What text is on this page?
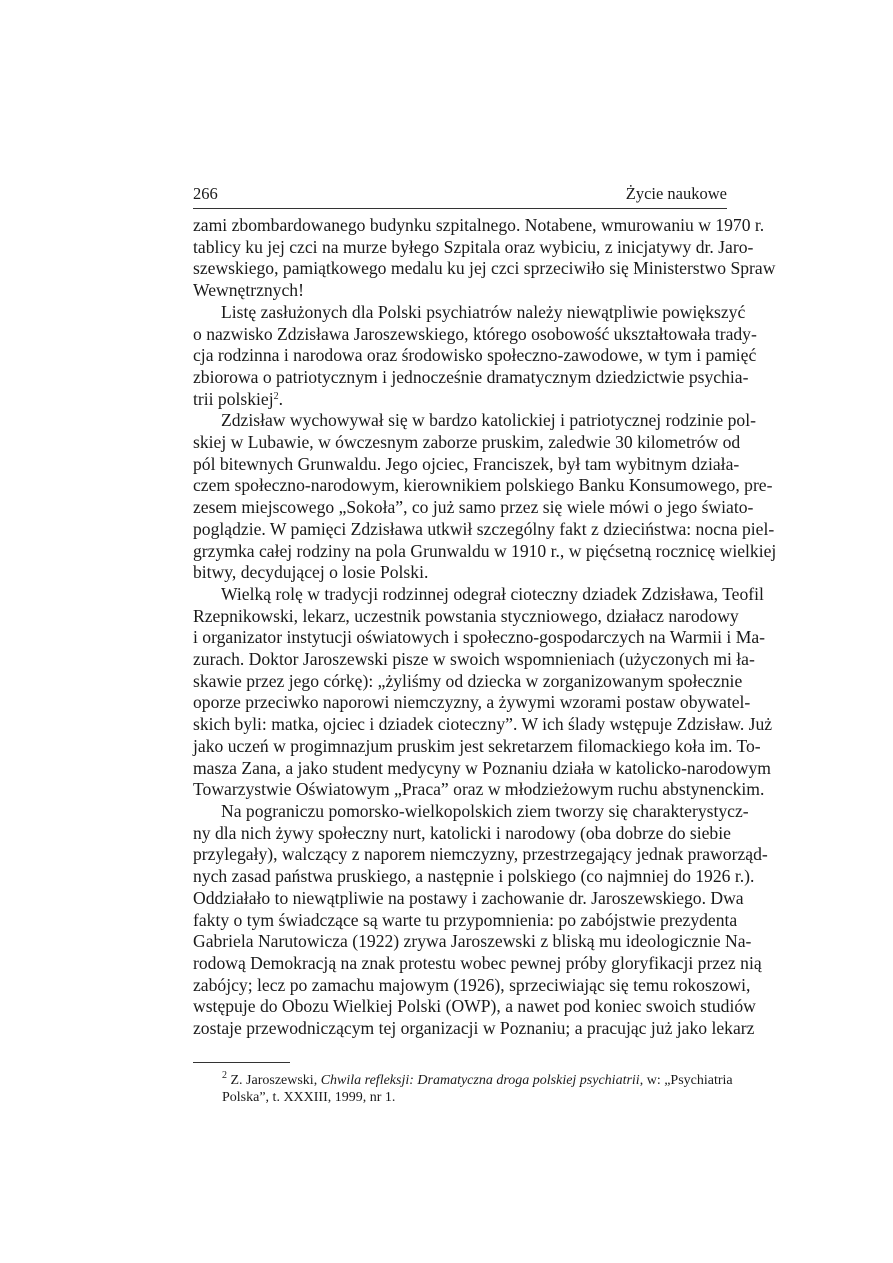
266	Życie naukowe
zami zbombardowanego budynku szpitalnego. Notabene, wmurowaniu w 1970 r.
tablicy ku jej czci na murze byłego Szpitala oraz wybiciu, z inicjatywy dr. Jaro-
szewskiego, pamiątkowego medalu ku jej czci sprzeciwiło się Ministerstwo Spraw
Wewnętrznych!
Listę zasłużonych dla Polski psychiatrów należy niewątpliwie powiększyć
o nazwisko Zdzisława Jaroszewskiego, którego osobowość ukształtowała trady-
cja rodzinna i narodowa oraz środowisko społeczno-zawodowe, w tym i pamięć
zbiorowa o patriotycznym i jednocześnie dramatycznym dziedzictwie psychia-
trii polskiej$^2$.
Zdzisław wychowywał się w bardzo katolickiej i patriotycznej rodzinie pol-
skiej w Lubawie, w ówczesnym zaborze pruskim, zaledwie 30 kilometrów od
pól bitewnych Grunwaldu. Jego ojciec, Franciszek, był tam wybitnym działa-
czem społeczno-narodowym, kierownikiem polskiego Banku Konsumowego, pre-
zesem miejscowego „Sokoła”, co już samo przez się wiele mówi o jego świato-
poglądzie. W pamięci Zdzisława utkwił szczególny fakt z dzieciństwa: nocna piel-
grzymka całej rodziny na pola Grunwaldu w 1910 r., w pięćsetną rocznicę wielkiej
bitwy, decydującej o losie Polski.
Wielką rolę w tradycji rodzinnej odegrał cioteczny dziadek Zdzisława, Teofil
Rzepnikowski, lekarz, uczestnik powstania styczniowego, działacz narodowy
i organizator instytucji oświatowych i społeczno-gospodarczych na Warmii i Ma-
zurach. Doktor Jaroszewski pisze w swoich wspomnieniach (użyczonych mi ła-
skawie przez jego córkę): „żyliśmy od dziecka w zorganizowanym społecznie
oporze przeciwko naporowi niemczyzny, a żywymi wzorami postaw obywatel-
skich byli: matka, ojciec i dziadek cioteczny”. W ich ślady wstępuje Zdzisław. Już
jako uczeń w progimnazjum pruskim jest sekretarzem filomackiego koła im. To-
masza Zana, a jako student medycyny w Poznaniu działa w katolicko-narodowym
Towarzystwie Oświatowym „Praca” oraz w młodzieżowym ruchu abstynenckim.
Na pograniczu pomorsko-wielkopolskich ziem tworzy się charakterystycz-
ny dla nich żywy społeczny nurt, katolicki i narodowy (oba dobrze do siebie
przylegały), walczący z naporem niemczyzny, przestrzegający jednak praworząd-
nych zasad państwa pruskiego, a następnie i polskiego (co najmniej do 1926 r.).
Oddziałało to niewątpliwie na postawy i zachowanie dr. Jaroszewskiego. Dwa
fakty o tym świadczące są warte tu przypomnienia: po zabójstwie prezydenta
Gabriela Narutowicza (1922) zrywa Jaroszewski z bliską mu ideologicznie Na-
rodową Demokracją na znak protestu wobec pewnej próby gloryfikacji przez nią
zabójcy; lecz po zamachu majowym (1926), sprzeciwiając się temu rokoszowi,
wstępuje do Obozu Wielkiej Polski (OWP), a nawet pod koniec swoich studiów
zostaje przewodniczącym tej organizacji w Poznaniu; a pracując już jako lekarz
$^2$ Z. Jaroszewski, Chwila refleksji: Dramatyczna droga polskiej psychiatrii, w: „Psychiatria
Polska”, t. XXXIII, 1999, nr 1.
